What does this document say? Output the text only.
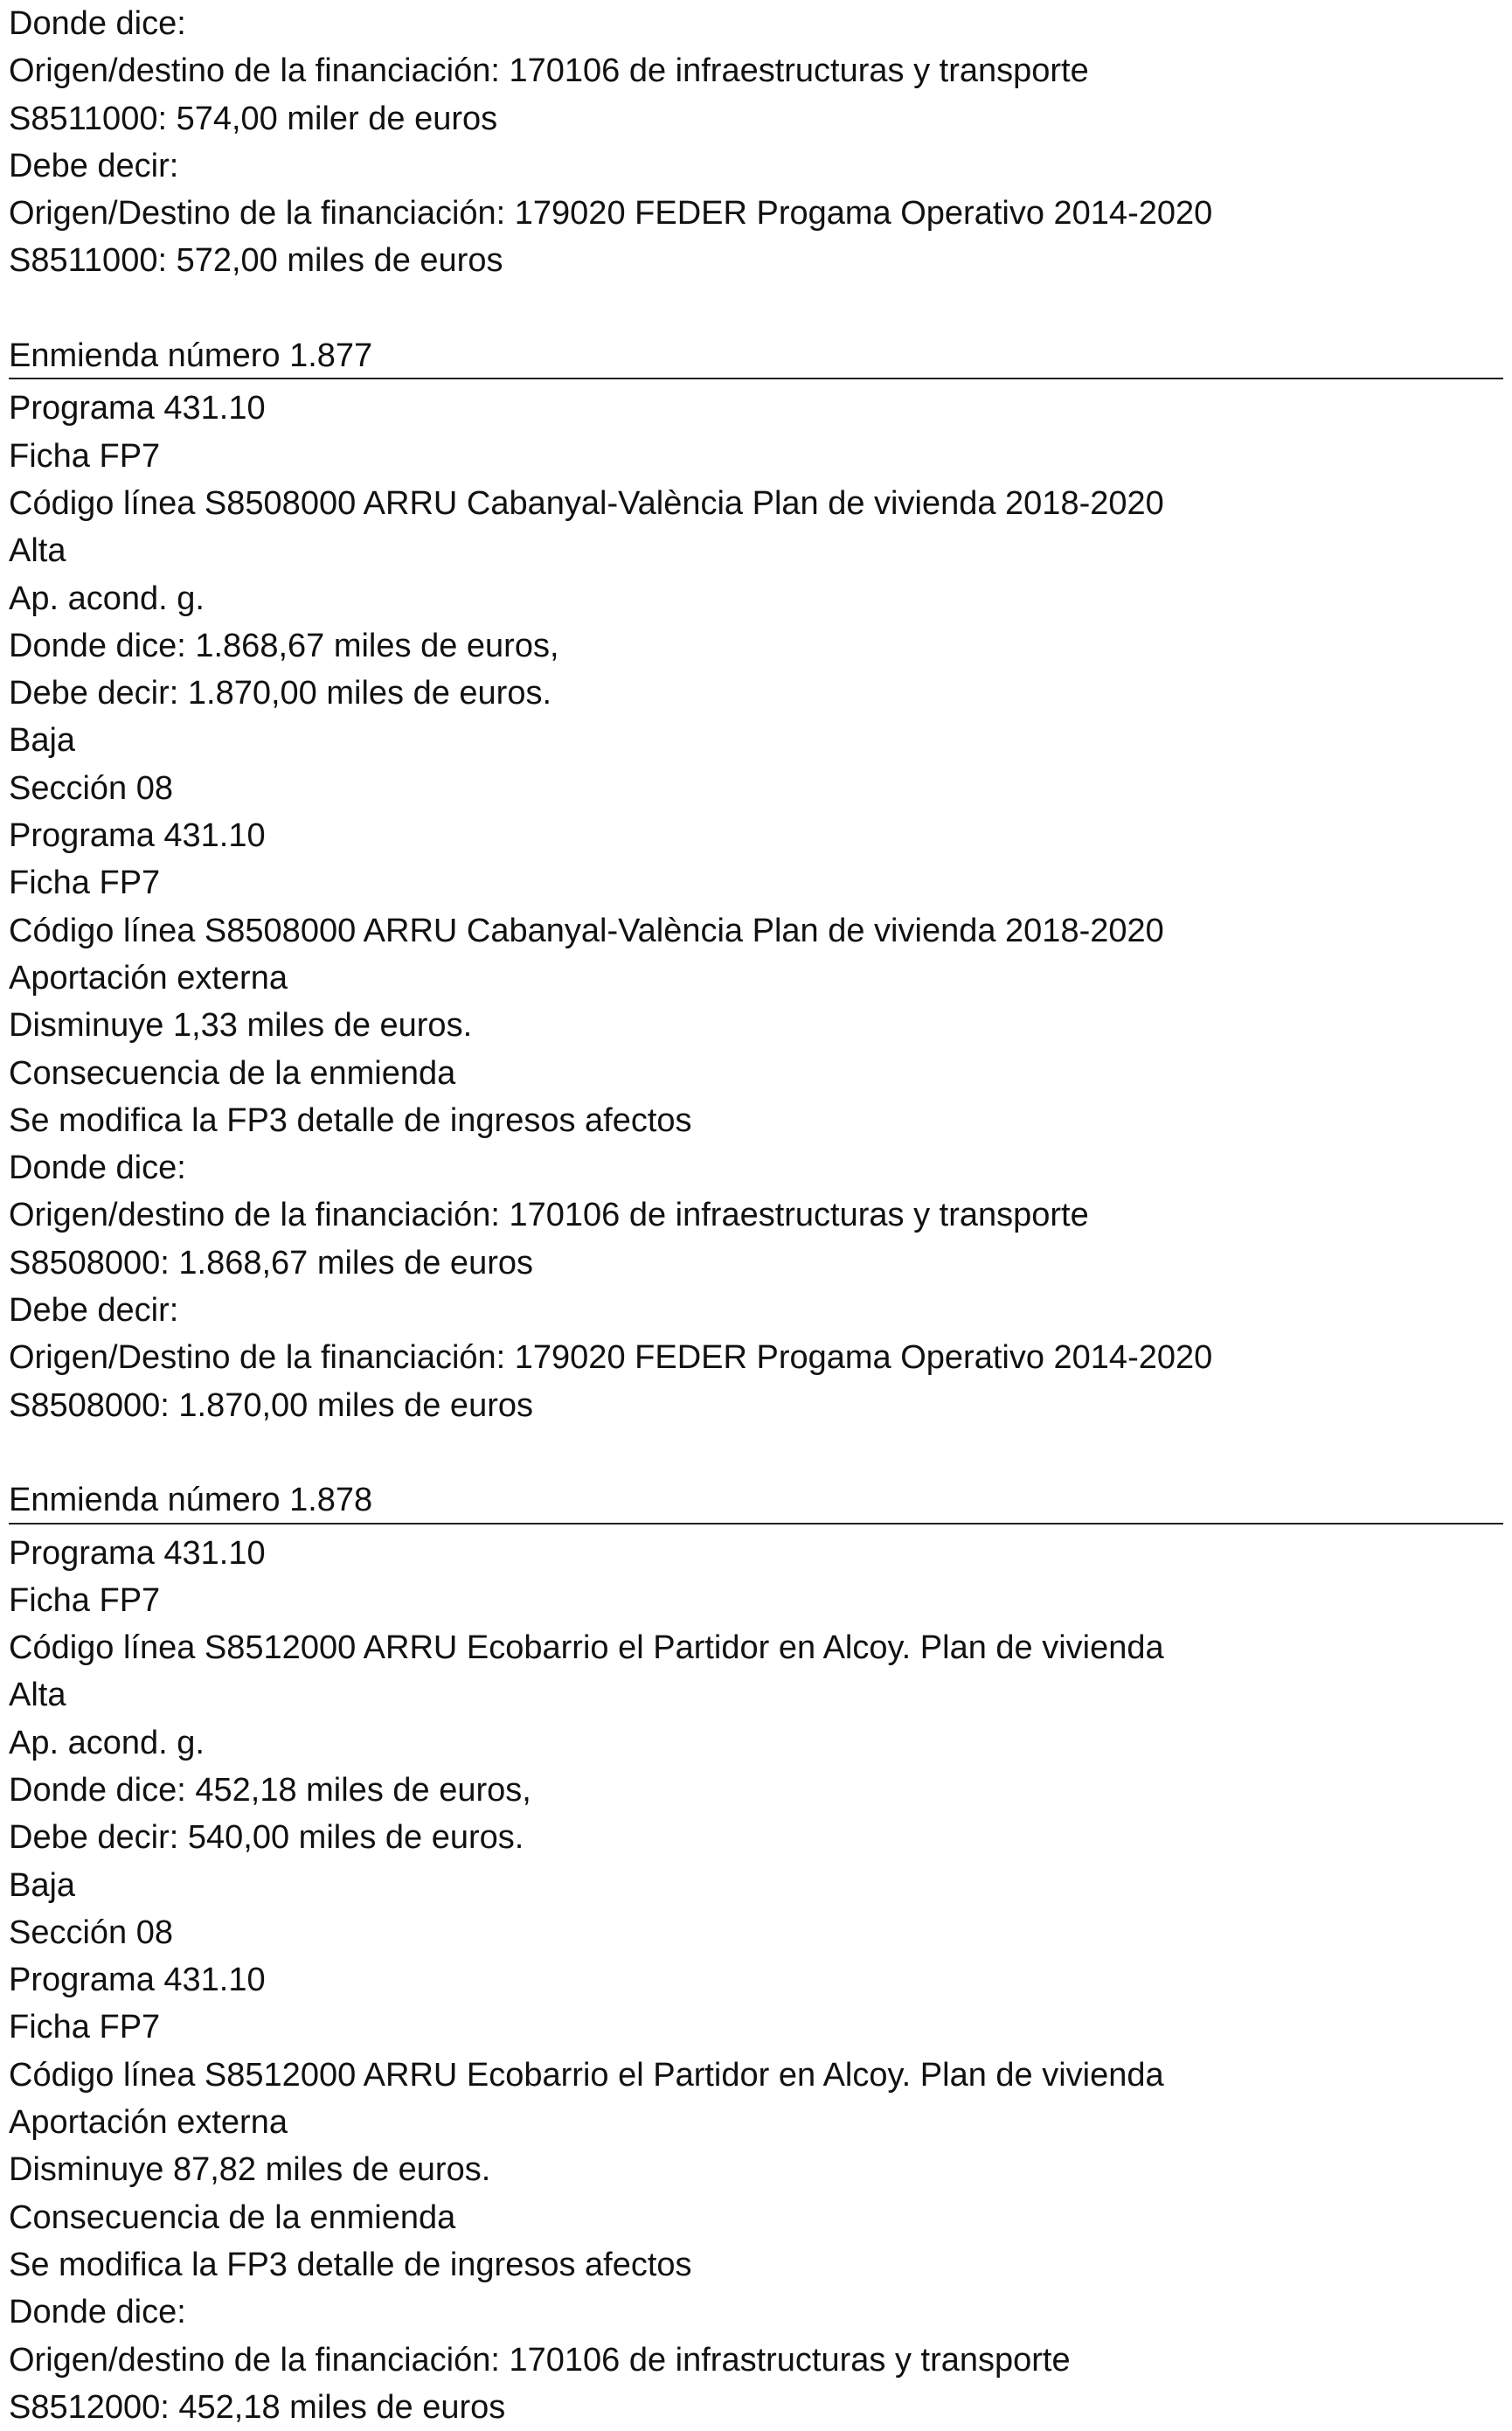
Donde dice:

Origen/destino de la financiación: 170106 de infraestructuras y transporte

S8511000: 574,00 miler de euros

Debe decir:

Origen/Destino de la financiación: 179020 FEDER Progama Operativo 2014-2020

S8511000: 572,00 miles de euros

Enmienda número 1.877

Programa 431.10

Ficha FP7

Código línea S8508000 ARRU Cabanyal-València Plan de vivienda 2018-2020

Alta

Ap. acond. g.

Donde dice: 1.868,67 miles de euros,

Debe decir: 1.870,00 miles de euros.

Baja

Sección 08

Programa 431.10

Ficha FP7

Código línea S8508000 ARRU Cabanyal-València Plan de vivienda 2018-2020

Aportación externa

Disminuye 1,33 miles de euros.

Consecuencia de la enmienda

Se modifica la FP3 detalle de ingresos afectos

Donde dice:

Origen/destino de la financiación: 170106 de infraestructuras y transporte

S8508000: 1.868,67 miles de euros

Debe decir:

Origen/Destino de la financiación: 179020 FEDER Progama Operativo 2014-2020

S8508000: 1.870,00 miles de euros

Enmienda número 1.878

Programa 431.10

Ficha FP7

Código línea S8512000 ARRU Ecobarrio el Partidor en Alcoy. Plan de vivienda

Alta

Ap. acond. g.

Donde dice: 452,18 miles de euros,

Debe decir: 540,00 miles de euros.

Baja

Sección 08

Programa 431.10

Ficha FP7

Código línea S8512000 ARRU Ecobarrio el Partidor en Alcoy. Plan de vivienda

Aportación externa

Disminuye 87,82 miles de euros.

Consecuencia de la enmienda

Se modifica la FP3 detalle de ingresos afectos

Donde dice:

Origen/destino de la financiación: 170106 de infrastructuras y transporte

S8512000: 452,18 miles de euros
